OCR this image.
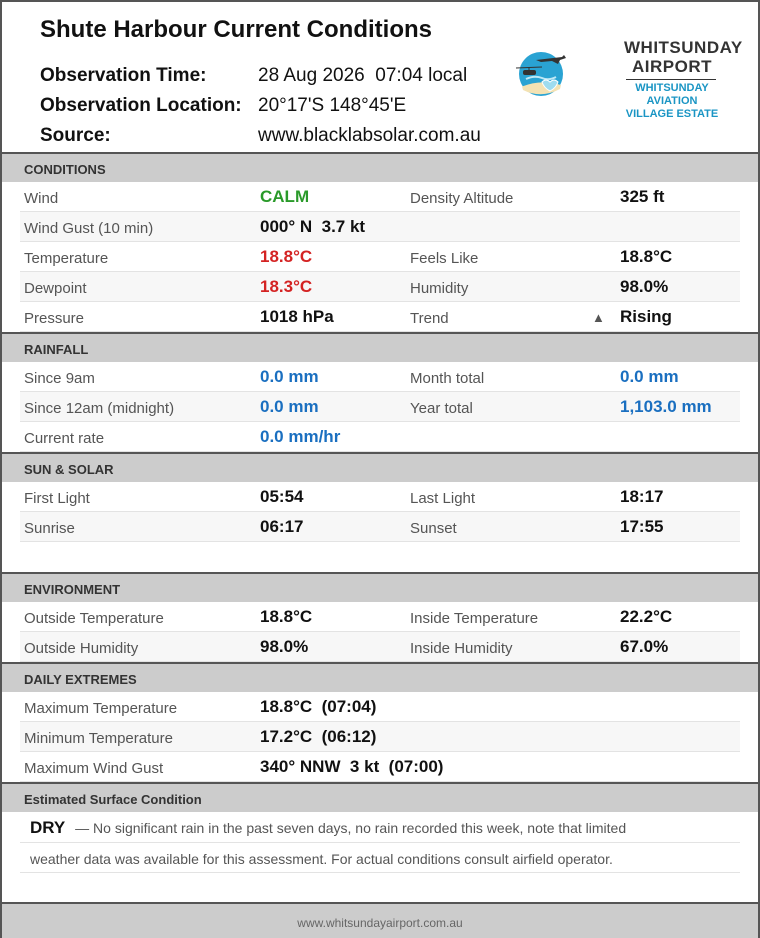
Shute Harbour Current Conditions
Observation Time:	28 Aug 2026  07:04 local
Observation Location: 20°17'S 148°45'E
Source:	www.blacklabsolar.com.au
WHITSUNDAY
AIRPORT
WHITSUNDAY AVIATION
VILLAGE ESTATE
CONDITIONS
Wind	CALM	Density Altitude	325 ft
Wind Gust (10 min)	000° N  3.7 kt
Temperature	18.8°C	Feels Like	18.8°C
Dewpoint	18.3°C	Humidity	98.0%
Pressure	1018 hPa	Trend	▲ Rising
RAINFALL
Since 9am	0.0 mm	Month total	0.0 mm
Since 12am (midnight)	0.0 mm	Year total	1,103.0 mm
Current rate	0.0 mm/hr
SUN & SOLAR
First Light	05:54	Last Light	18:17
Sunrise	06:17	Sunset	17:55
ENVIRONMENT
Outside Temperature	18.8°C	Inside Temperature	22.2°C
Outside Humidity	98.0%	Inside Humidity	67.0%
DAILY EXTREMES
Maximum Temperature	18.8°C  (07:04)
Minimum Temperature	17.2°C  (06:12)
Maximum Wind Gust	340° NNW  3 kt  (07:00)
Estimated Surface Condition
DRY — No significant rain in the past seven days, no rain recorded this week, note that limited
weather data was available for this assessment. For actual conditions consult airfield operator.
www.whitsundayairport.com.au
